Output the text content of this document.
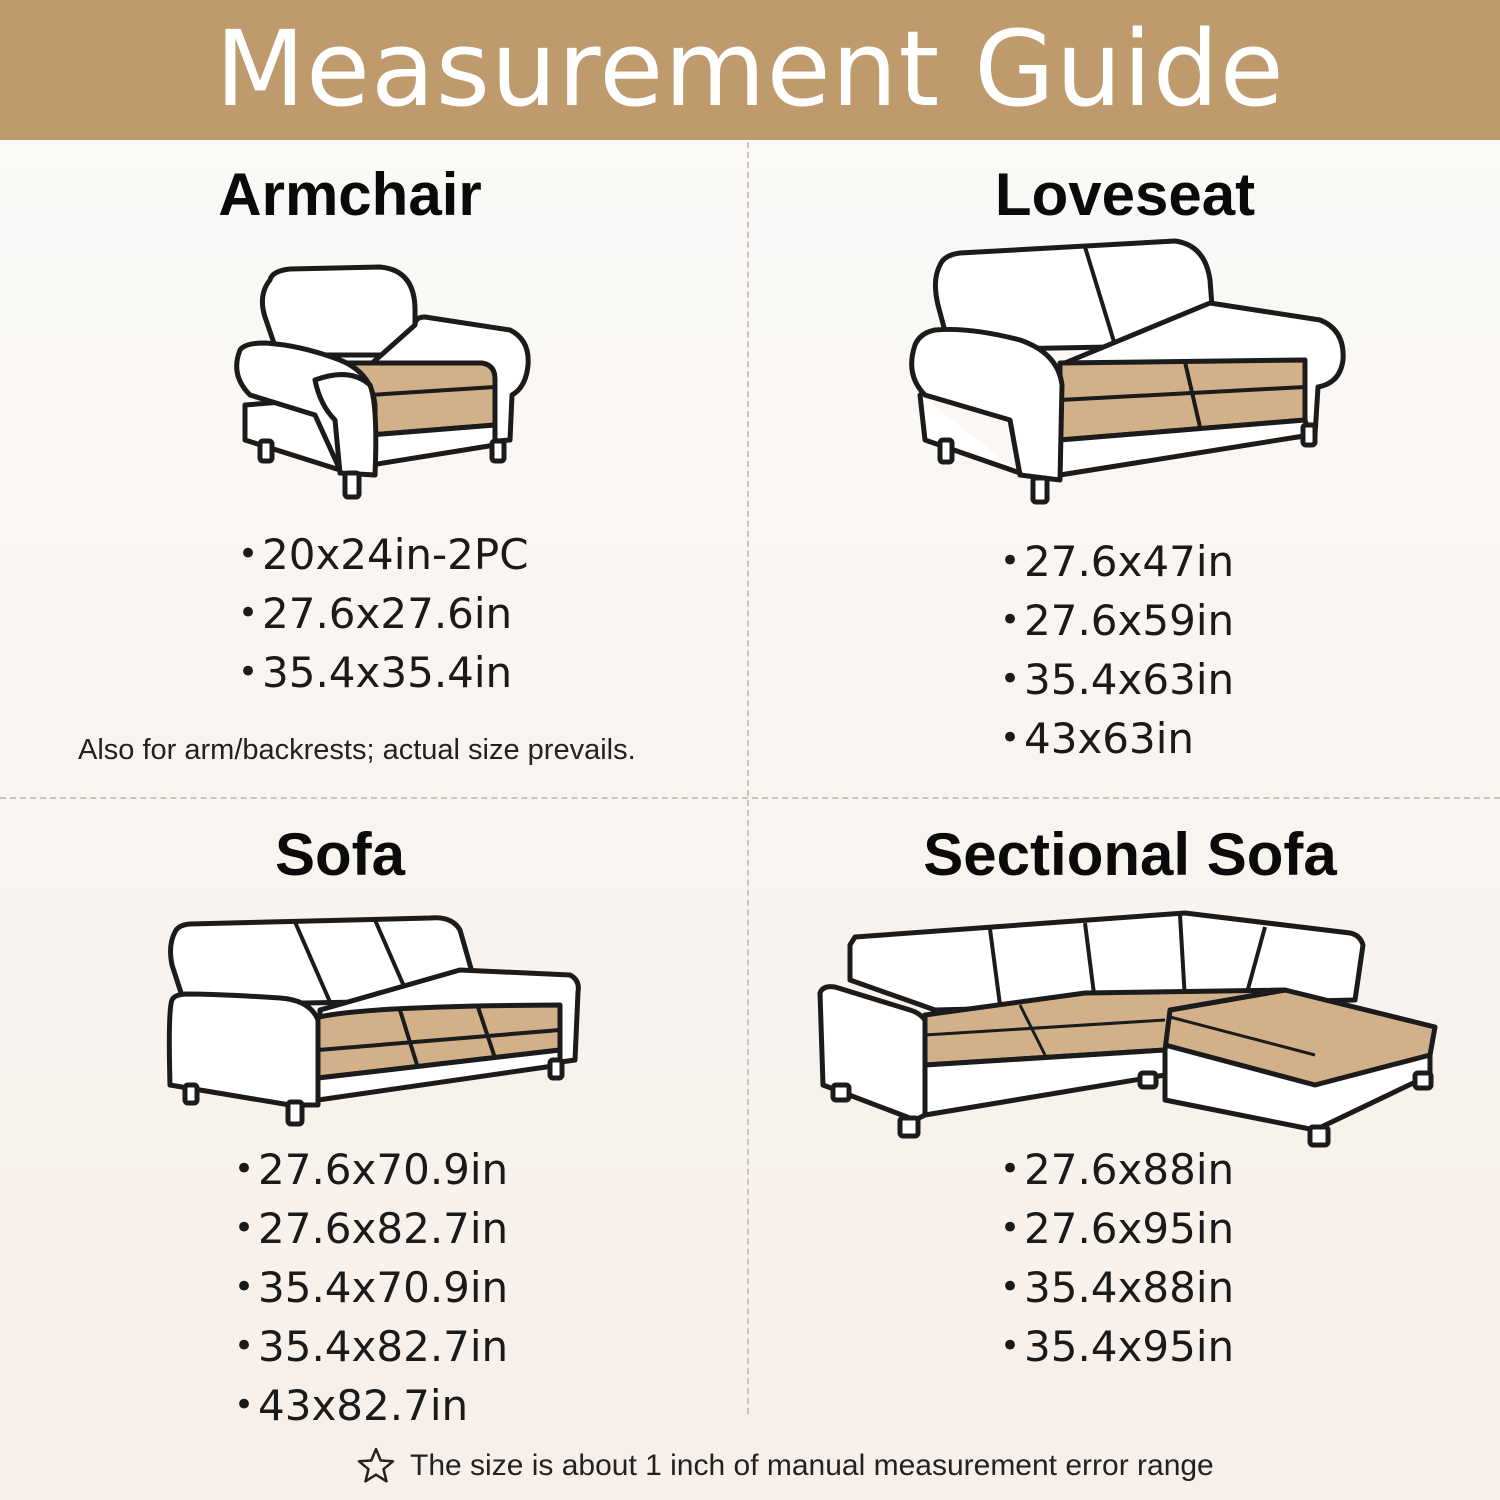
Measurement Guide
Armchair
•20x24in-2PC
•27.6x27.6in
•35.4x35.4in
Also for arm/backrests; actual size prevails.
Loveseat
•27.6x47in
•27.6x59in
•35.4x63in
•43x63in
Sofa
•27.6x70.9in
•27.6x82.7in
•35.4x70.9in
•35.4x82.7in
•43x82.7in
Sectional Sofa
•27.6x88in
•27.6x95in
•35.4x88in
•35.4x95in
The size is about 1 inch of manual measurement error range
